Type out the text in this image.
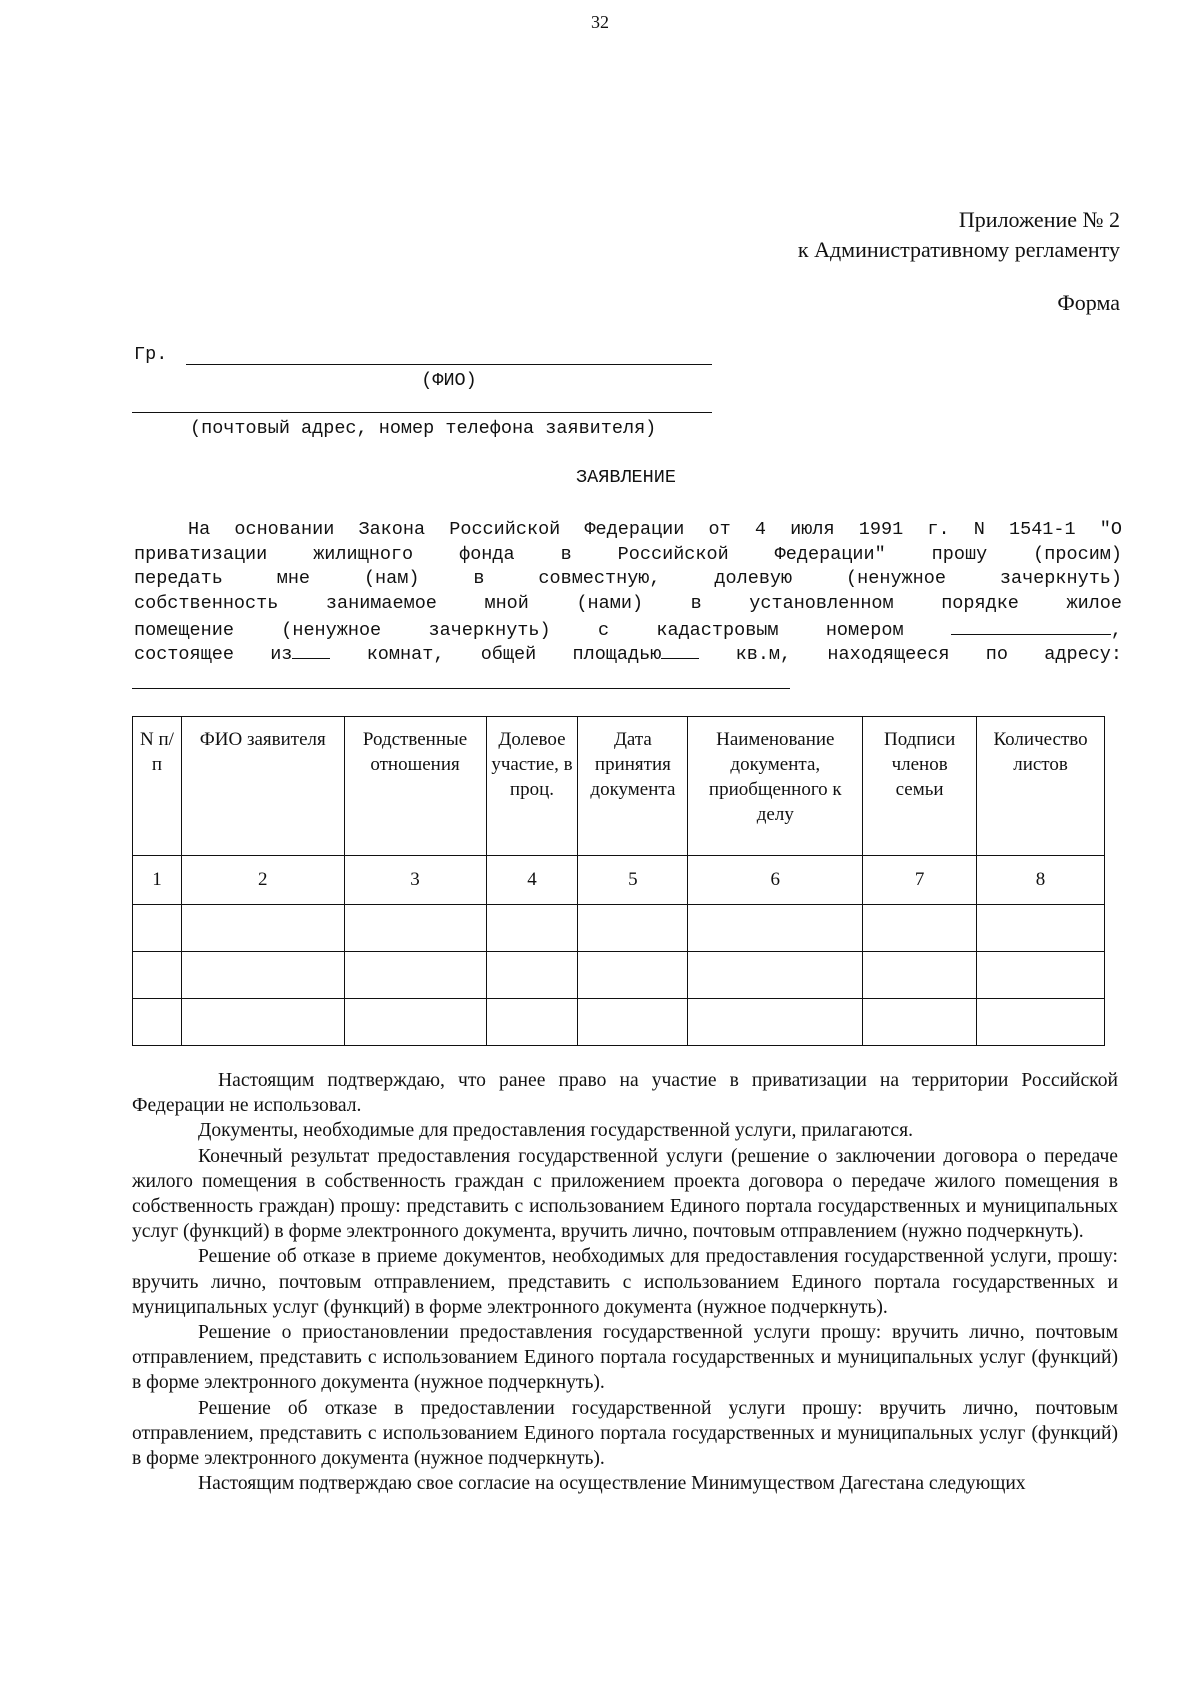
32
Приложение № 2
к Административному регламенту
Форма
Гр.
(ФИО)
(почтовый адрес, номер телефона заявителя)
ЗАЯВЛЕНИЕ
На основании Закона Российской Федерации от 4 июля 1991 г. N 1541-1 "О
приватизации жилищного фонда в Российской Федерации" прошу (просим)
передать мне (нам) в совместную, долевую (ненужное зачеркнуть)
собственность занимаемое мной (нами) в установленном порядке жилое
помещение (ненужное зачеркнуть) с кадастровым номером	,
состоящее из	комнат, общей площадью	кв.м, находящееся по адресу:
N п/п	ФИО заявителя	Родственные отношения	Долевое участие, в проц.	Дата принятия документа	Наименование документа, приобщенного к делу	Подписи членов семьи	Количество листов
1	2	3	4	5	6	7	8

Настоящим подтверждаю, что ранее право на участие в приватизации на территории Российской Федерации не использовал.

Документы, необходимые для предоставления государственной услуги, прилагаются.

Конечный результат предоставления государственной услуги (решение о заключении договора о передаче жилого помещения в собственность граждан с приложением проекта договора о передаче жилого помещения в собственность граждан) прошу: представить с использованием Единого портала государственных и муниципальных услуг (функций) в форме электронного документа, вручить лично, почтовым отправлением (нужно подчеркнуть).

Решение об отказе в приеме документов, необходимых для предоставления государственной услуги, прошу: вручить лично, почтовым отправлением, представить с использованием Единого портала государственных и муниципальных услуг (функций) в форме электронного документа (нужное подчеркнуть).

Решение о приостановлении предоставления государственной услуги прошу: вручить лично, почтовым отправлением, представить с использованием Единого портала государственных и муниципальных услуг (функций) в форме электронного документа (нужное подчеркнуть).

Решение об отказе в предоставлении государственной услуги прошу: вручить лично, почтовым отправлением, представить с использованием Единого портала государственных и муниципальных услуг (функций) в форме электронного документа (нужное подчеркнуть).

Настоящим подтверждаю свое согласие на осуществление Минимуществом Дагестана следующих
